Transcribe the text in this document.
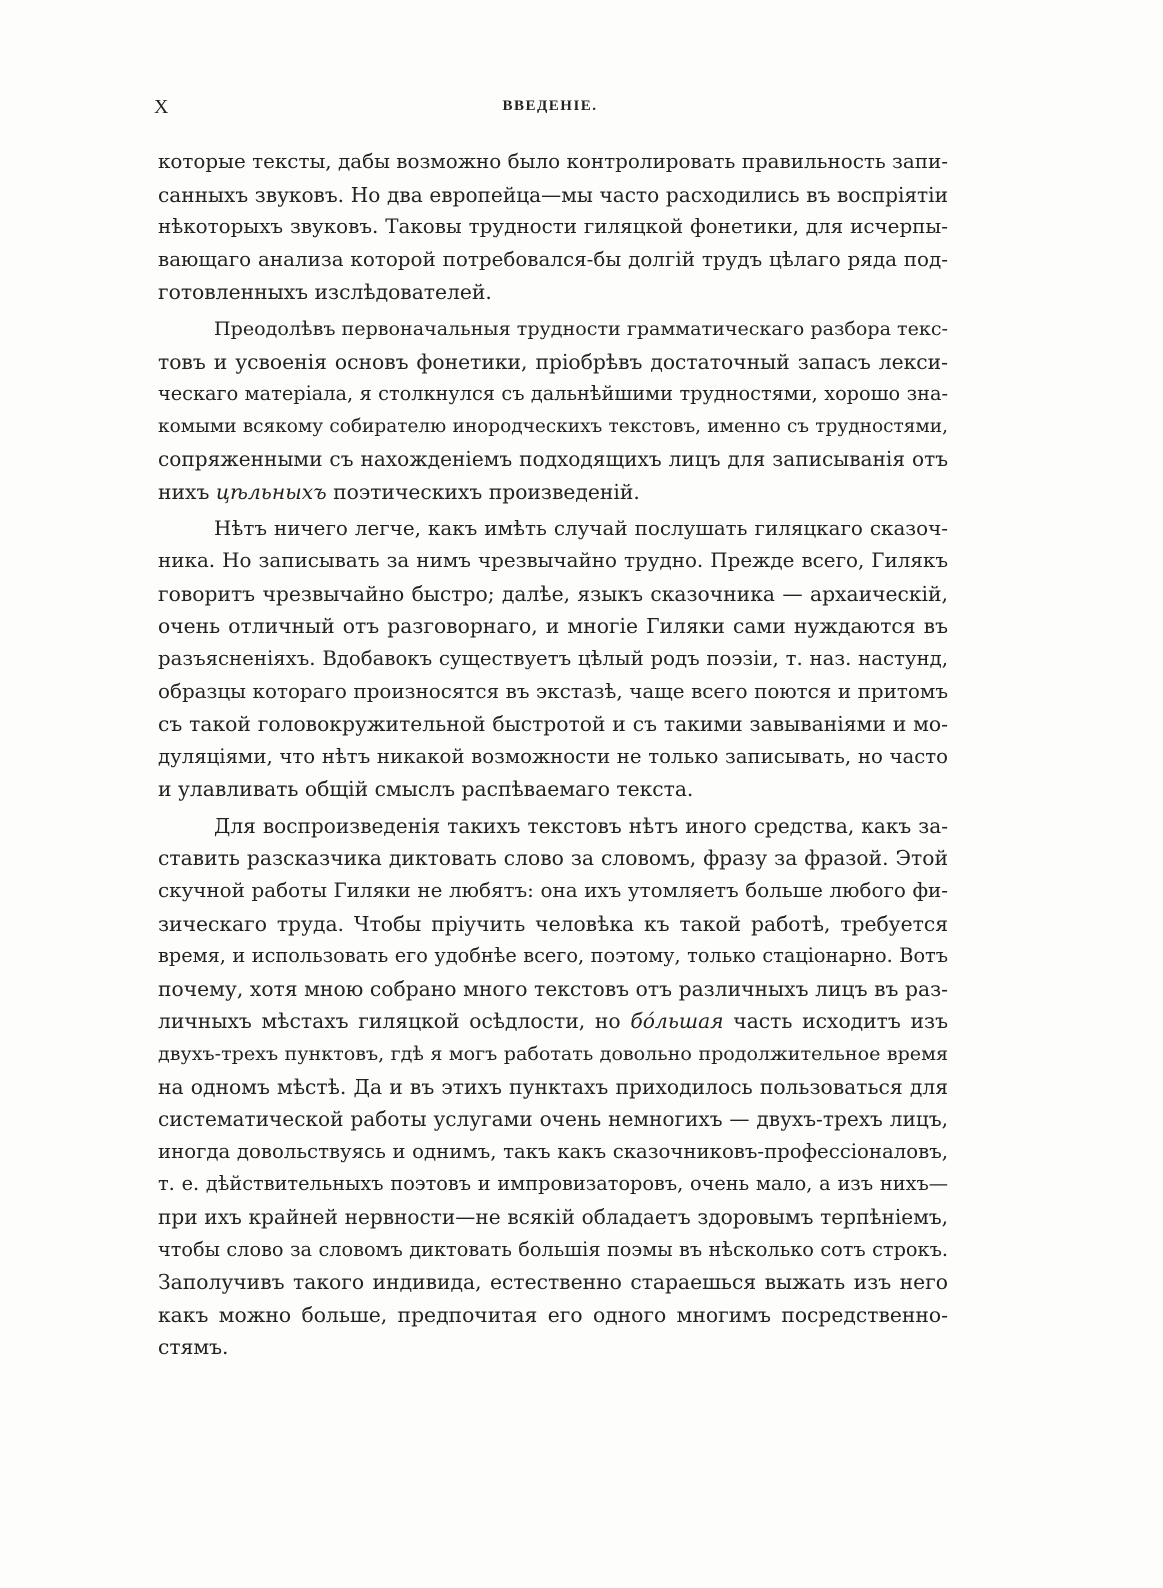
X	ВВЕДЕНІЕ.
которые тексты, дабы возможно было контролировать правильность запи-
санныхъ звуковъ. Но два европейца—мы часто расходились въ воспріятіи
нѣкоторыхъ звуковъ. Таковы трудности гиляцкой фонетики, для исчерпы-
вающаго анализа которой потребовался-бы долгій трудъ цѣлаго ряда под-
готовленныхъ изслѣдователей.
Преодолѣвъ первоначальныя трудности грамматическаго разбора текс-
товъ и усвоенія основъ фонетики, пріобрѣвъ достаточный запасъ лекси-
ческаго матеріала, я столкнулся съ дальнѣйшими трудностями, хорошо зна-
комыми всякому собирателю инородческихъ текстовъ, именно съ трудностями,
сопряженными съ нахожденіемъ подходящихъ лицъ для записыванія отъ
нихъ цѣльныхъ поэтическихъ произведеній.
Нѣтъ ничего легче, какъ имѣть случай послушать гиляцкаго сказоч-
ника. Но записывать за нимъ чрезвычайно трудно. Прежде всего, Гилякъ
говоритъ чрезвычайно быстро; далѣе, языкъ сказочника — архаическій,
очень отличный отъ разговорнаго, и многіе Гиляки сами нуждаются въ
разъясненіяхъ. Вдобавокъ существуетъ цѣлый родъ поэзіи, т. наз. настунд,
образцы котораго произносятся въ экстазѣ, чаще всего поются и притомъ
съ такой головокружительной быстротой и съ такими завываніями и мо-
дуляціями, что нѣтъ никакой возможности не только записывать, но часто
и улавливать общій смыслъ распѣваемаго текста.
Для воспроизведенія такихъ текстовъ нѣтъ иного средства, какъ за-
ставить разсказчика диктовать слово за словомъ, фразу за фразой. Этой
скучной работы Гиляки не любятъ: она ихъ утомляетъ больше любого фи-
зическаго труда. Чтобы пріучить человѣка къ такой работѣ, требуется
время, и использовать его удобнѣе всего, поэтому, только стаціонарно. Вотъ
почему, хотя мною собрано много текстовъ отъ различныхъ лицъ въ раз-
личныхъ мѣстахъ гиляцкой осѣдлости, но бо́льшая часть исходитъ изъ
двухъ-трехъ пунктовъ, гдѣ я могъ работать довольно продолжительное время
на одномъ мѣстѣ. Да и въ этихъ пунктахъ приходилось пользоваться для
систематической работы услугами очень немногихъ — двухъ-трехъ лицъ,
иногда довольствуясь и однимъ, такъ какъ сказочниковъ-профессіоналовъ,
т. е. дѣйствительныхъ поэтовъ и импровизаторовъ, очень мало, а изъ нихъ—
при ихъ крайней нервности—не всякій обладаетъ здоровымъ терпѣніемъ,
чтобы слово за словомъ диктовать большія поэмы въ нѣсколько сотъ строкъ.
Заполучивъ такого индивида, естественно стараешься выжать изъ него
какъ можно больше, предпочитая его одного многимъ посредственно-
стямъ.
